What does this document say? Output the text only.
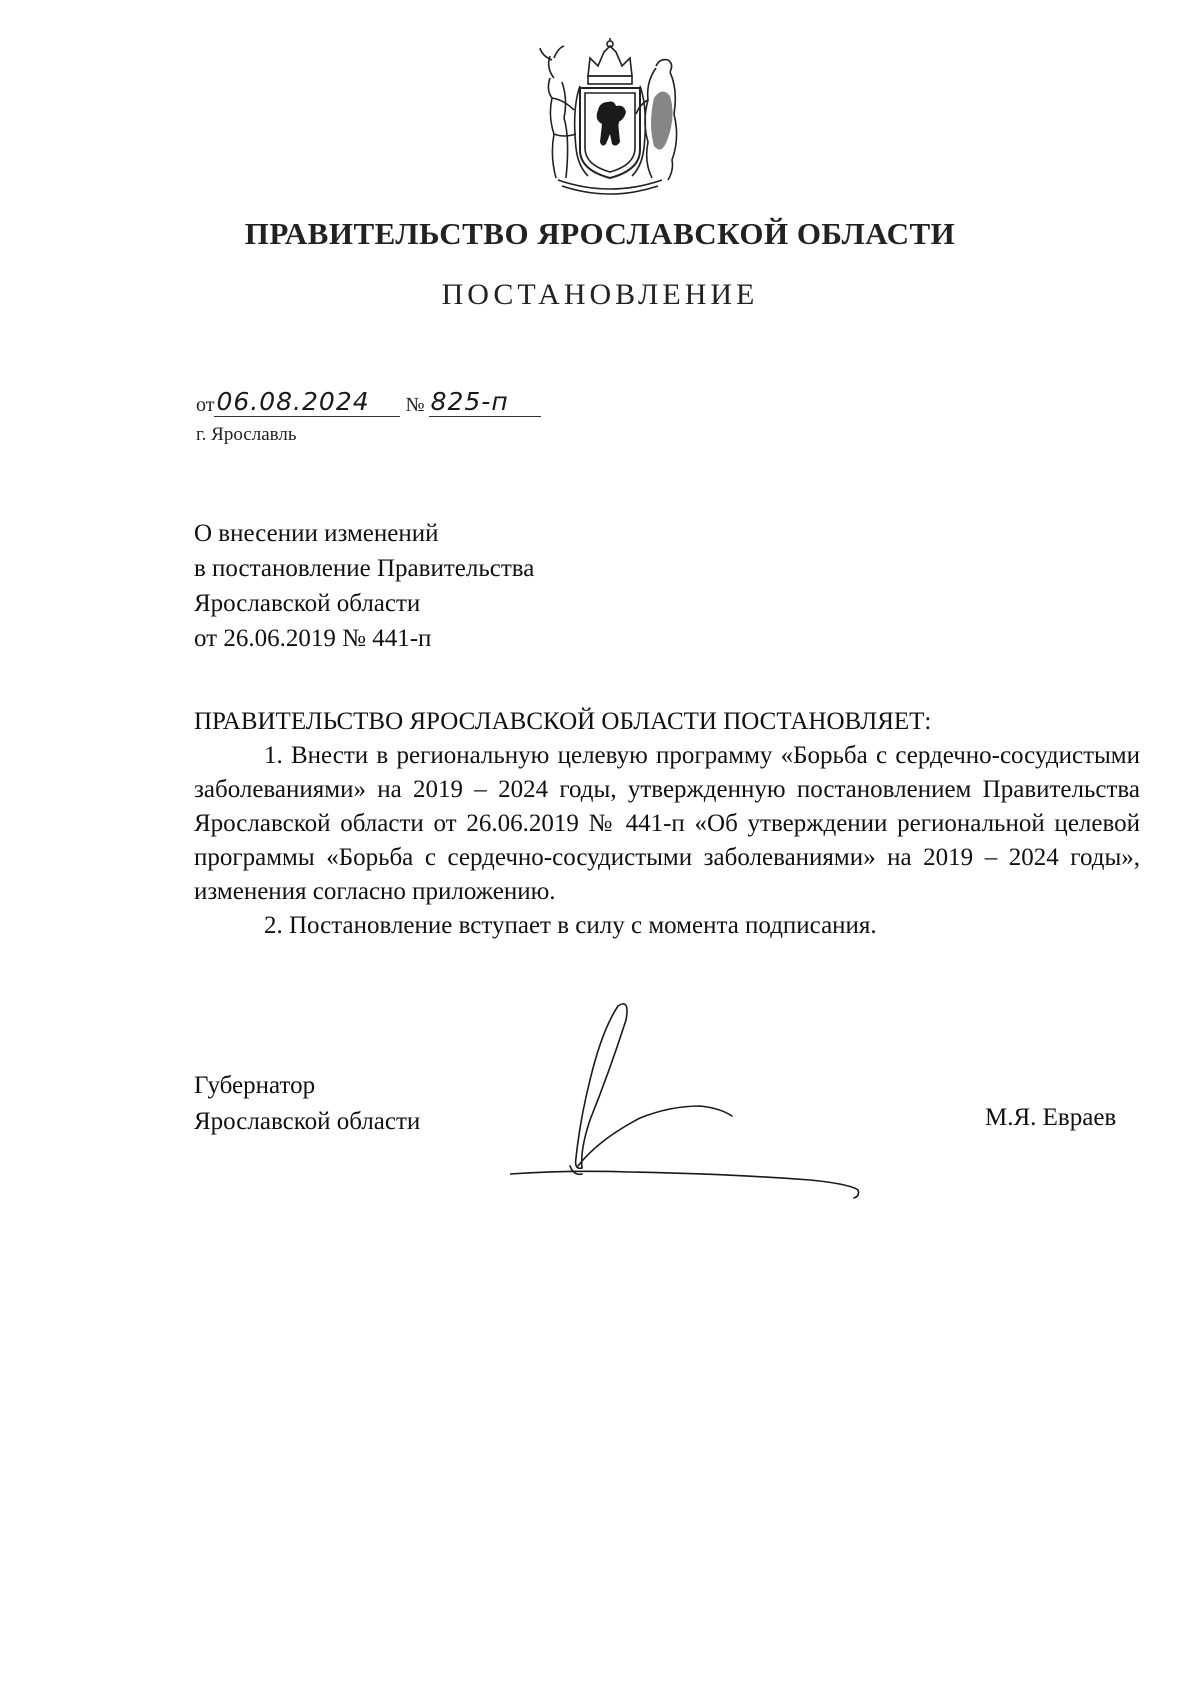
ПРАВИТЕЛЬСТВО ЯРОСЛАВСКОЙ ОБЛАСТИ
ПОСТАНОВЛЕНИЕ
от06.08.2024 № 825-п
г. Ярославль
О внесении изменений
в постановление Правительства
Ярославской области
от 26.06.2019 № 441-п
ПРАВИТЕЛЬСТВО ЯРОСЛАВСКОЙ ОБЛАСТИ ПОСТАНОВЛЯЕТ:
1. Внести в региональную целевую программу «Борьба с сердечно-сосудистыми заболеваниями» на 2019 – 2024 годы, утвержденную постановлением Правительства Ярославской области от 26.06.2019 № 441-п «Об утверждении региональной целевой программы «Борьба с сердечно-сосудистыми заболеваниями» на 2019 – 2024 годы», изменения согласно приложению.
2. Постановление вступает в силу с момента подписания.
Губернатор
Ярославской области	М.Я. Евраев
